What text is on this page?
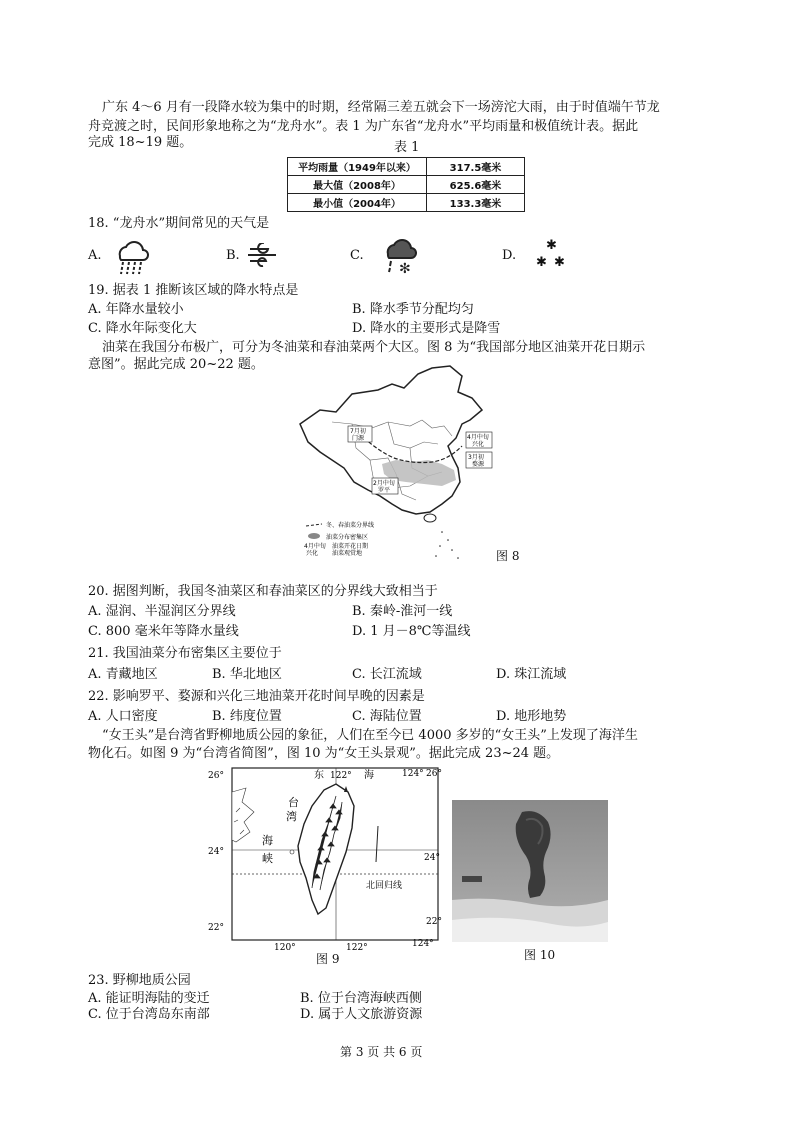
广东 4～6 月有一段降水较为集中的时期，经常隔三差五就会下一场滂沱大雨，由于时值端午节龙
舟竞渡之时，民间形象地称之为“龙舟水”。表 1 为广东省“龙舟水”平均雨量和极值统计表。据此
完成 18~19 题。	表 1
平均雨量（1949年以来）	317.5毫米
最大值（2008年）	625.6毫米
最小值（2004年）	133.3毫米
18. “龙舟水”期间常见的天气是
A.	B.	C.
✻
D.
✱
✱ ✱
19. 据表 1 推断该区域的降水特点是
A. 年降水量较小	B. 降水季节分配均匀
C. 降水年际变化大	D. 降水的主要形式是降雪
油菜在我国分布极广，可分为冬油菜和春油菜两个大区。图 8 为“我国部分地区油菜开花日期示
意图”。据此完成 20~22 题。
7月初
门源	4月中旬
兴化
3月初
婺源
2月中旬
罗平
冬、春油菜分界线
油菜分布密集区
4月中旬
兴化
油菜开花日期
油菜观赏地	图 8
20. 据图判断，我国冬油菜区和春油菜区的分界线大致相当于
A. 湿润、半湿润区分界线	B. 秦岭-淮河一线
C. 800 毫米年等降水量线	D. 1 月－8℃等温线
21. 我国油菜分布密集区主要位于
A. 青藏地区	B. 华北地区	C. 长江流域	D. 珠江流域
22. 影响罗平、婺源和兴化三地油菜开花时间早晚的因素是
A. 人口密度	B. 纬度位置	C. 海陆位置	D. 地形地势
“女王头”是台湾省野柳地质公园的象征，人们在至今已 4000 多岁的“女王头”上发现了海洋生
物化石。如图 9 为“台湾省简图”，图 10 为“女王头景观”。据此完成 23~24 题。
26°	26°
24°
24°
22°
22°
120°	122°
东 122° 海	124°
124°
台
湾
海
峡
北回归线
图 9	图 10
23. 野柳地质公园
A. 能证明海陆的变迁	B. 位于台湾海峡西侧
C. 位于台湾岛东南部	D. 属于人文旅游资源
第 3 页 共 6 页
